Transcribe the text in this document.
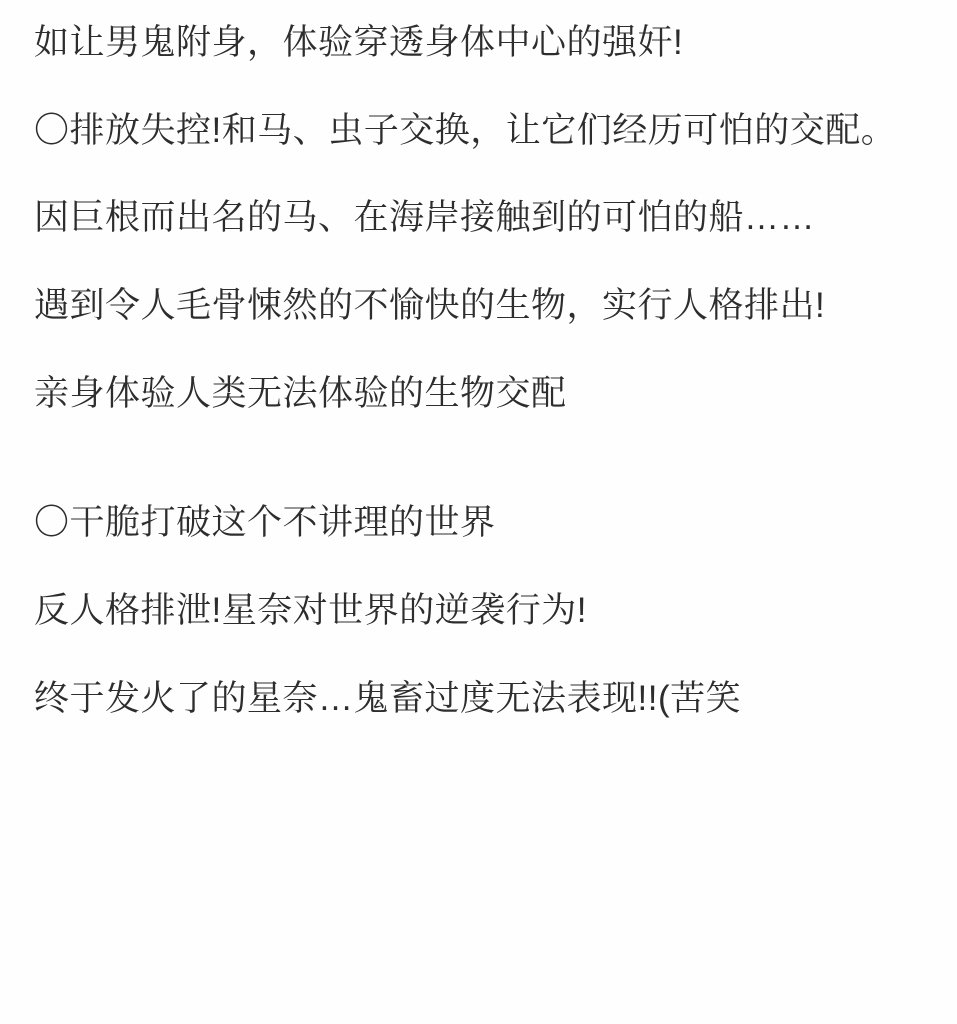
如让男鬼附身，体验穿透身体中心的强奸!

〇排放失控!和马、虫子交换，让它们经历可怕的交配。

因巨根而出名的马、在海岸接触到的可怕的船……

遇到令人毛骨悚然的不愉快的生物，实行人格排出!

亲身体验人类无法体验的生物交配

〇干脆打破这个不讲理的世界

反人格排泄!星奈对世界的逆袭行为!

终于发火了的星奈…鬼畜过度无法表现!!(苦笑
